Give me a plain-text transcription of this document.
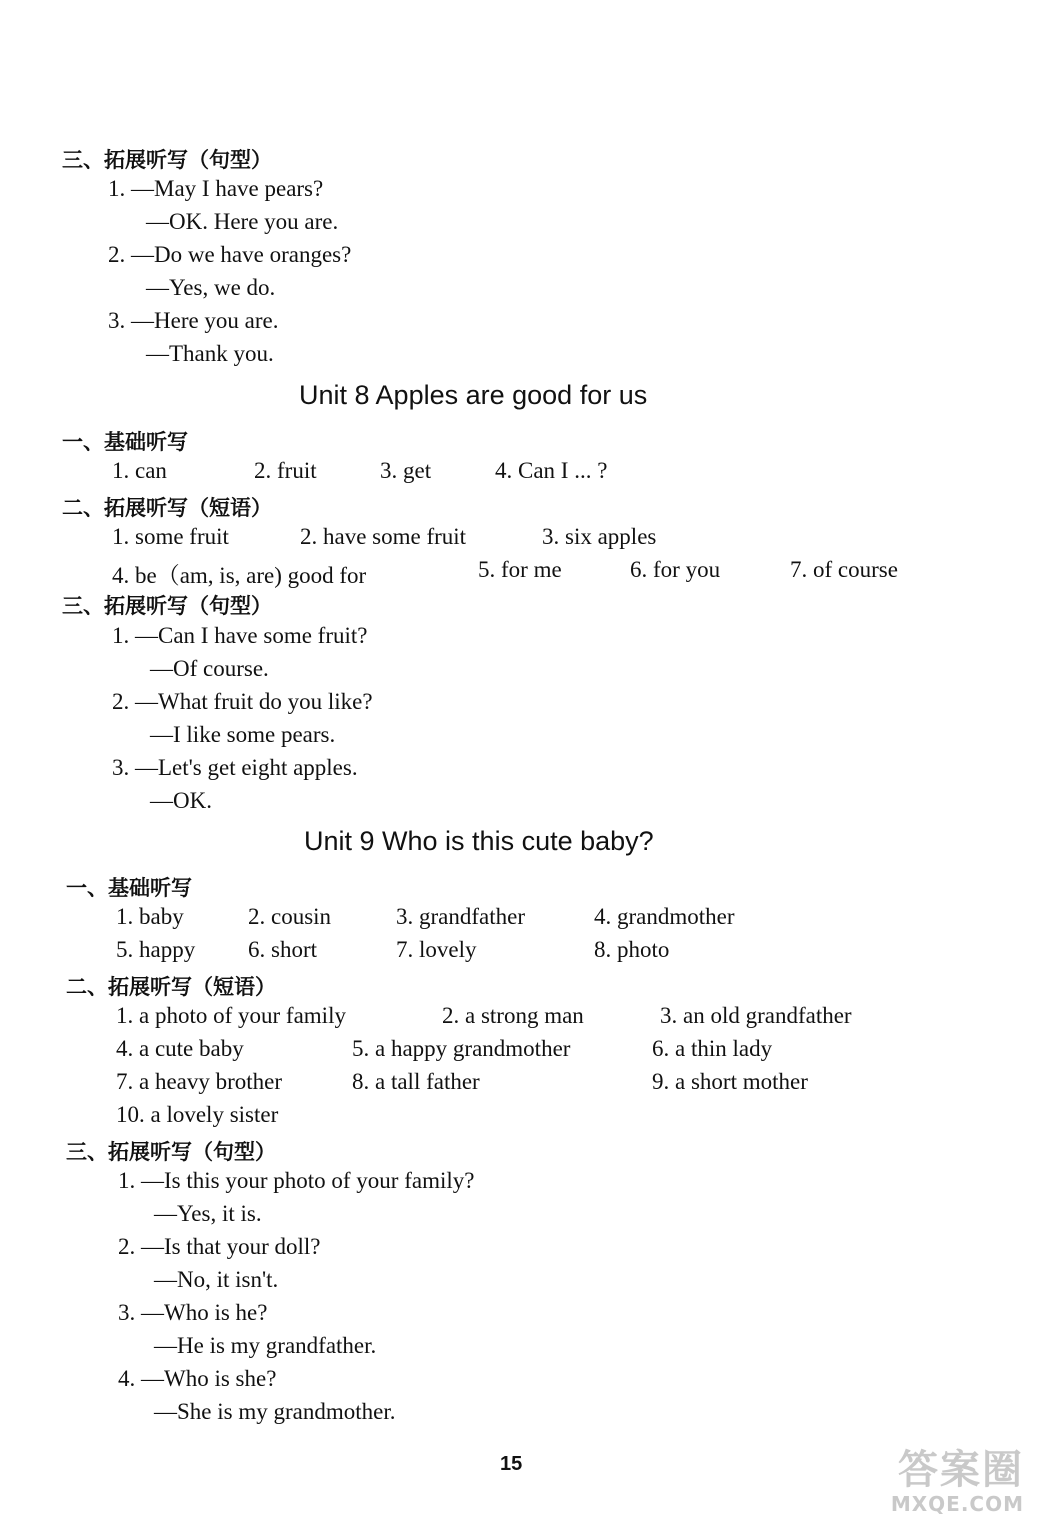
三、拓展听写（句型）
1. —May I have pears?
—OK. Here you are.
2. —Do we have oranges?
—Yes, we do.
3. —Here you are.
—Thank you.
Unit 8 Apples are good for us
一、基础听写
1. can	2. fruit	3. get	4. Can I ... ?
二、拓展听写（短语）
1. some fruit	2. have some fruit	3. six apples
4. be（am, is, are) good for	5. for me	6. for you	7. of course
三、拓展听写（句型）
1. —Can I have some fruit?
—Of course.
2. —What fruit do you like?
—I like some pears.
3. —Let's get eight apples.
—OK.
Unit 9 Who is this cute baby?
一、基础听写
1. baby	2. cousin	3. grandfather	4. grandmother
5. happy 6. short	7. lovely	8. photo
二、拓展听写（短语）
1. a photo of your family	2. a strong man	3. an old grandfather
4. a cute baby	5. a happy grandmother	6. a thin lady
7. a heavy brother	8. a tall father	9. a short mother
10. a lovely sister
三、拓展听写（句型）
1. —Is this your photo of your family?
—Yes, it is.
2. —Is that your doll?
—No, it isn't.
3. —Who is he?
—He is my grandfather.
4. —Who is she?
—She is my grandmother.
15	答案圈
MXQE.COM
